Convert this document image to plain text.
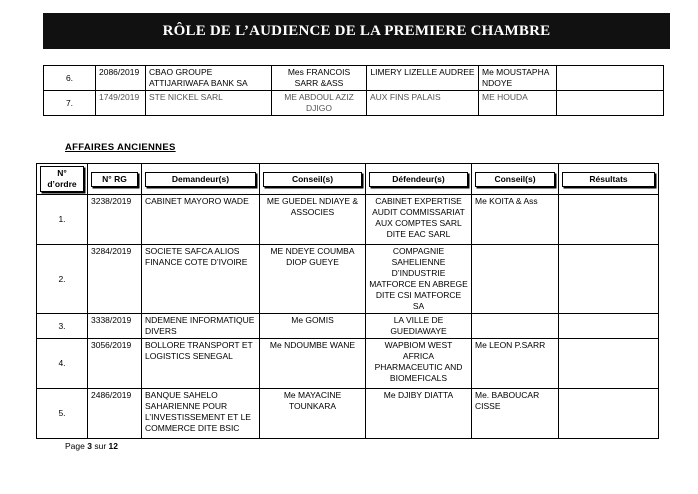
RÔLE DE L’AUDIENCE DE LA PREMIERE CHAMBRE
6.	2086/2019	CBAO GROUPE ATTIJARIWAFA BANK SA	Mes FRANCOIS SARR &ASS	LIMERY LIZELLE AUDREE	Me MOUSTAPHA NDOYE	
7.	1749/2019	STE NICKEL SARL	ME ABDOUL AZIZ DJIGO	AUX FINS PALAIS	ME HOUDA	
AFFAIRES ANCIENNES
N° d’ordre	N° RG	Demandeur(s)	Conseil(s)	Défendeur(s)	Conseil(s)	Résultats

1.	3238/2019	CABINET MAYORO WADE	ME GUEDEL NDIAYE & ASSOCIES	CABINET EXPERTISE AUDIT COMMISSARIAT AUX COMPTES SARL DITE EAC SARL	Me KOITA & Ass	
2.	3284/2019	SOCIETE SAFCA ALIOS FINANCE COTE D’IVOIRE	ME NDEYE COUMBA DIOP GUEYE	COMPAGNIE SAHELIENNE D’INDUSTRIE MATFORCE EN ABREGE DITE CSI MATFORCE SA		
3.	3338/2019	NDEMENE INFORMATIQUE DIVERS	Me GOMIS	LA VILLE DE GUEDIAWAYE		
4.	3056/2019	BOLLORE TRANSPORT ET LOGISTICS SENEGAL	Me NDOUMBE WANE	WAPBIOM WEST AFRICA PHARMACEUTIC AND BIOMEFICALS	Me LEON P.SARR	
5.	2486/2019	BANQUE SAHELO SAHARIENNE POUR L’INVESTISSEMENT ET LE COMMERCE DITE BSIC	Me MAYACINE TOUNKARA	Me DJIBY DIATTA	Me. BABOUCAR CISSE	
Page 3 sur 12
